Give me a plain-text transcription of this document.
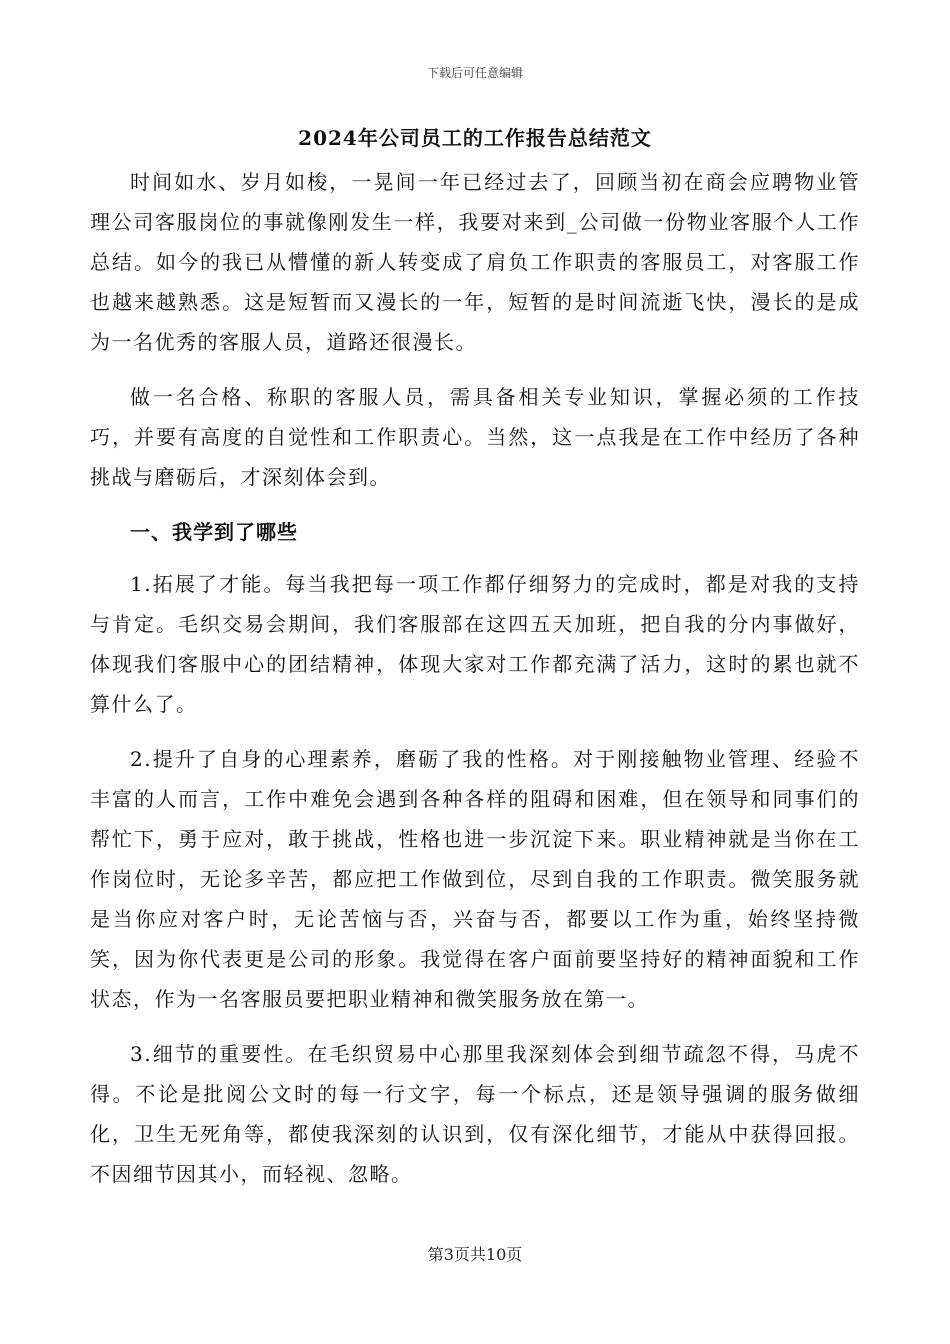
下载后可任意编辑
2024年公司员工的工作报告总结范文

时间如水、岁月如梭，一晃间一年已经过去了，回顾当初在商会应聘物业管理公司客服岗位的事就像刚发生一样，我要对来到_公司做一份物业客服个人工作总结。如今的我已从懵懂的新人转变成了肩负工作职责的客服员工，对客服工作也越来越熟悉。这是短暂而又漫长的一年，短暂的是时间流逝飞快，漫长的是成为一名优秀的客服人员，道路还很漫长。

做一名合格、称职的客服人员，需具备相关专业知识，掌握必须的工作技巧，并要有高度的自觉性和工作职责心。当然，这一点我是在工作中经历了各种挑战与磨砺后，才深刻体会到。

一、我学到了哪些

1.拓展了才能。每当我把每一项工作都仔细努力的完成时，都是对我的支持与肯定。毛织交易会期间，我们客服部在这四五天加班，把自我的分内事做好，体现我们客服中心的团结精神，体现大家对工作都充满了活力，这时的累也就不算什么了。

2.提升了自身的心理素养，磨砺了我的性格。对于刚接触物业管理、经验不丰富的人而言，工作中难免会遇到各种各样的阻碍和困难，但在领导和同事们的帮忙下，勇于应对，敢于挑战，性格也进一步沉淀下来。职业精神就是当你在工作岗位时，无论多辛苦，都应把工作做到位，尽到自我的工作职责。微笑服务就是当你应对客户时，无论苦恼与否，兴奋与否，都要以工作为重，始终坚持微笑，因为你代表更是公司的形象。我觉得在客户面前要坚持好的精神面貌和工作状态，作为一名客服员要把职业精神和微笑服务放在第一。

3.细节的重要性。在毛织贸易中心那里我深刻体会到细节疏忽不得，马虎不得。不论是批阅公文时的每一行文字，每一个标点，还是领导强调的服务做细化，卫生无死角等，都使我深刻的认识到，仅有深化细节，才能从中获得回报。不因细节因其小，而轻视、忽略。

第3页共10页
